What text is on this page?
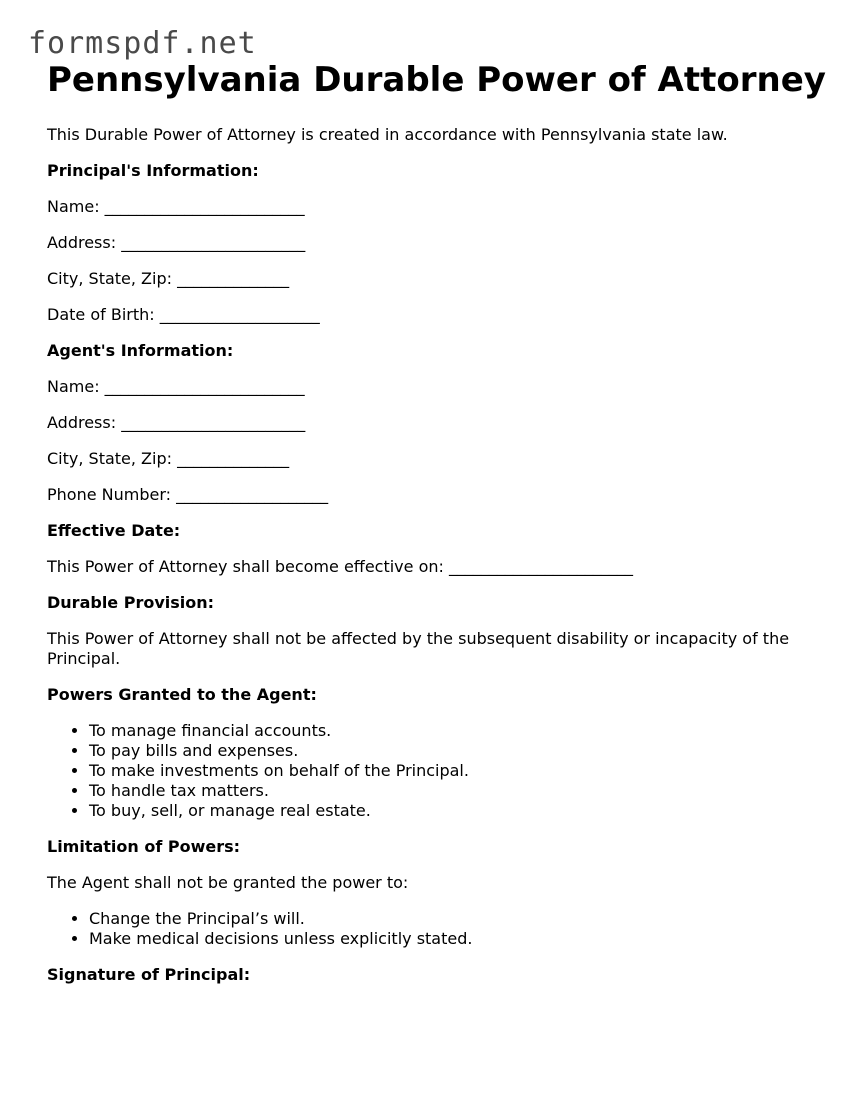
formspdf.net
Pennsylvania Durable Power of Attorney

This Durable Power of Attorney is created in accordance with Pennsylvania state law.

Principal's Information:

Name: _________________________

Address: _______________________

City, State, Zip: ______________

Date of Birth: ____________________

Agent's Information:

Name: _________________________

Address: _______________________

City, State, Zip: ______________

Phone Number: ___________________

Effective Date:

This Power of Attorney shall become effective on: _______________________

Durable Provision:

This Power of Attorney shall not be affected by the subsequent disability or incapacity of the Principal.

Powers Granted to the Agent:

• To manage financial accounts.
• To pay bills and expenses.
• To make investments on behalf of the Principal.
• To handle tax matters.
• To buy, sell, or manage real estate.

Limitation of Powers:

The Agent shall not be granted the power to:

• Change the Principal’s will.
• Make medical decisions unless explicitly stated.

Signature of Principal:
